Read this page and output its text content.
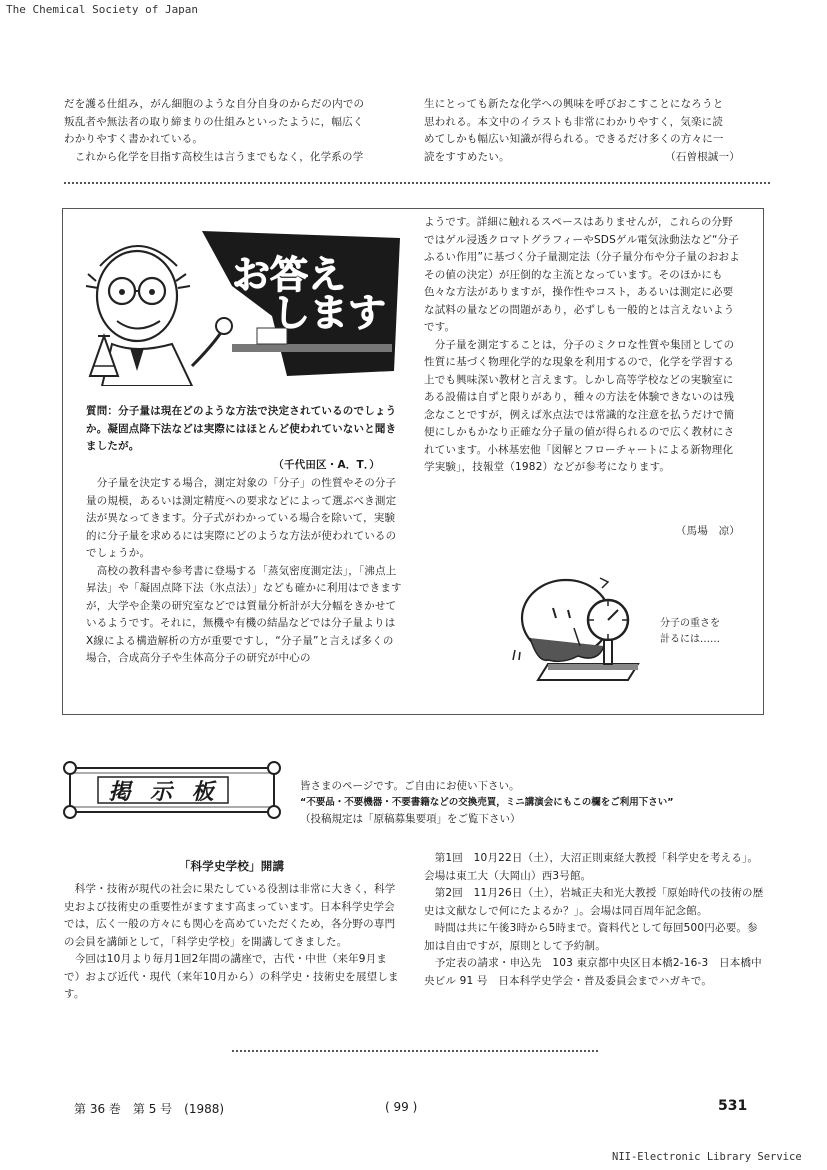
The Chemical Society of Japan

だを護る仕組み，がん細胞のような自分自身のからだの内での

叛乱者や無法者の取り締まりの仕組みといったように，幅広く

わかりやすく書かれている。

　これから化学を目指す高校生は言うまでもなく，化学系の学

生にとっても新たな化学への興味を呼びおこすことになろうと

思われる。本文中のイラストも非常にわかりやすく，気楽に読

めてしかも幅広い知識が得られる。できるだけ多くの方々に一

読をすすめたい。	（石曽根誠一）
お答え
します
質問：分子量は現在どのような方法で決定されているのでしょうか。凝固点降下法などは実際にはほとんど使われていないと聞きましたが。
（千代田区・A．T．）

　分子量を決定する場合，測定対象の「分子」の性質やその分子量の規模，あるいは測定精度への要求などによって選ぶべき測定法が異なってきます。分子式がわかっている場合を除いて，実験的に分子量を求めるには実際にどのような方法が使われているのでしょうか。

　高校の教科書や参考書に登場する「蒸気密度測定法」，「沸点上昇法」や「凝固点降下法（氷点法）」なども確かに利用はできますが，大学や企業の研究室などでは質量分析計が大分幅をきかせているようです。それに，無機や有機の結晶などでは分子量よりはX線による構造解析の方が重要ですし，“分子量”と言えば多くの場合，合成高分子や生体高分子の研究が中心の

ようです。詳細に触れるスペースはありませんが，これらの分野ではゲル浸透クロマトグラフィーやSDSゲル電気泳動法など“分子ふるい作用”に基づく分子量測定法（分子量分布や分子量のおおよその値の決定）が圧倒的な主流となっています。そのほかにも色々な方法がありますが，操作性やコスト，あるいは測定に必要な試料の量などの問題があり，必ずしも一般的とは言えないようです。

　分子量を測定することは，分子のミクロな性質や集団としての性質に基づく物理化学的な現象を利用するので，化学を学習する上でも興味深い教材と言えます。しかし高等学校などの実験室にある設備は自ずと限りがあり，種々の方法を体験できないのは残念なことですが，例えば氷点法では常識的な注意を払うだけで簡便にしかもかなり正確な分子量の値が得られるので広く教材にされています。小林基宏他「図解とフローチャートによる新物理化学実験」，技報堂（1982）などが参考になります。

（馬場　凉）
分子の重さを
計るには……
掲 示 板	皆さまのページです。ご自由にお使い下さい。
“不要品・不要機器・不要書籍などの交換売買，ミニ講演会にもこの欄をご利用下さい”
（投稿規定は「原稿募集要項」をご覧下さい）
「科学史学校」開講

　科学・技術が現代の社会に果たしている役割は非常に大きく，科学史および技術史の重要性がますます高まっています。日本科学史学会では，広く一般の方々にも関心を高めていただくため，各分野の専門の会員を講師として，「科学史学校」を開講してきました。

　今回は10月より毎月1回2年間の講座で，古代・中世（来年9月まで）および近代・現代（来年10月から）の科学史・技術史を展望します。

　第1回　10月22日（土），大沼正則東経大教授「科学史を考える」。会場は東工大（大岡山）西3号館。

　第2回　11月26日（土），岩城正夫和光大教授「原始時代の技術の歴史は文献なしで何にたよるか？」。会場は同百周年記念館。

　時間は共に午後3時から5時まで。資料代として毎回500円必要。参加は自由ですが，原則として予約制。

　予定表の請求・申込先　103 東京都中央区日本橋2-16-3　日本橋中央ビル 91 号　日本科学史学会・普及委員会までハガキで。

第 36 巻　第 5 号　(1988)	( 99 )	531
NII-Electronic Library Service
